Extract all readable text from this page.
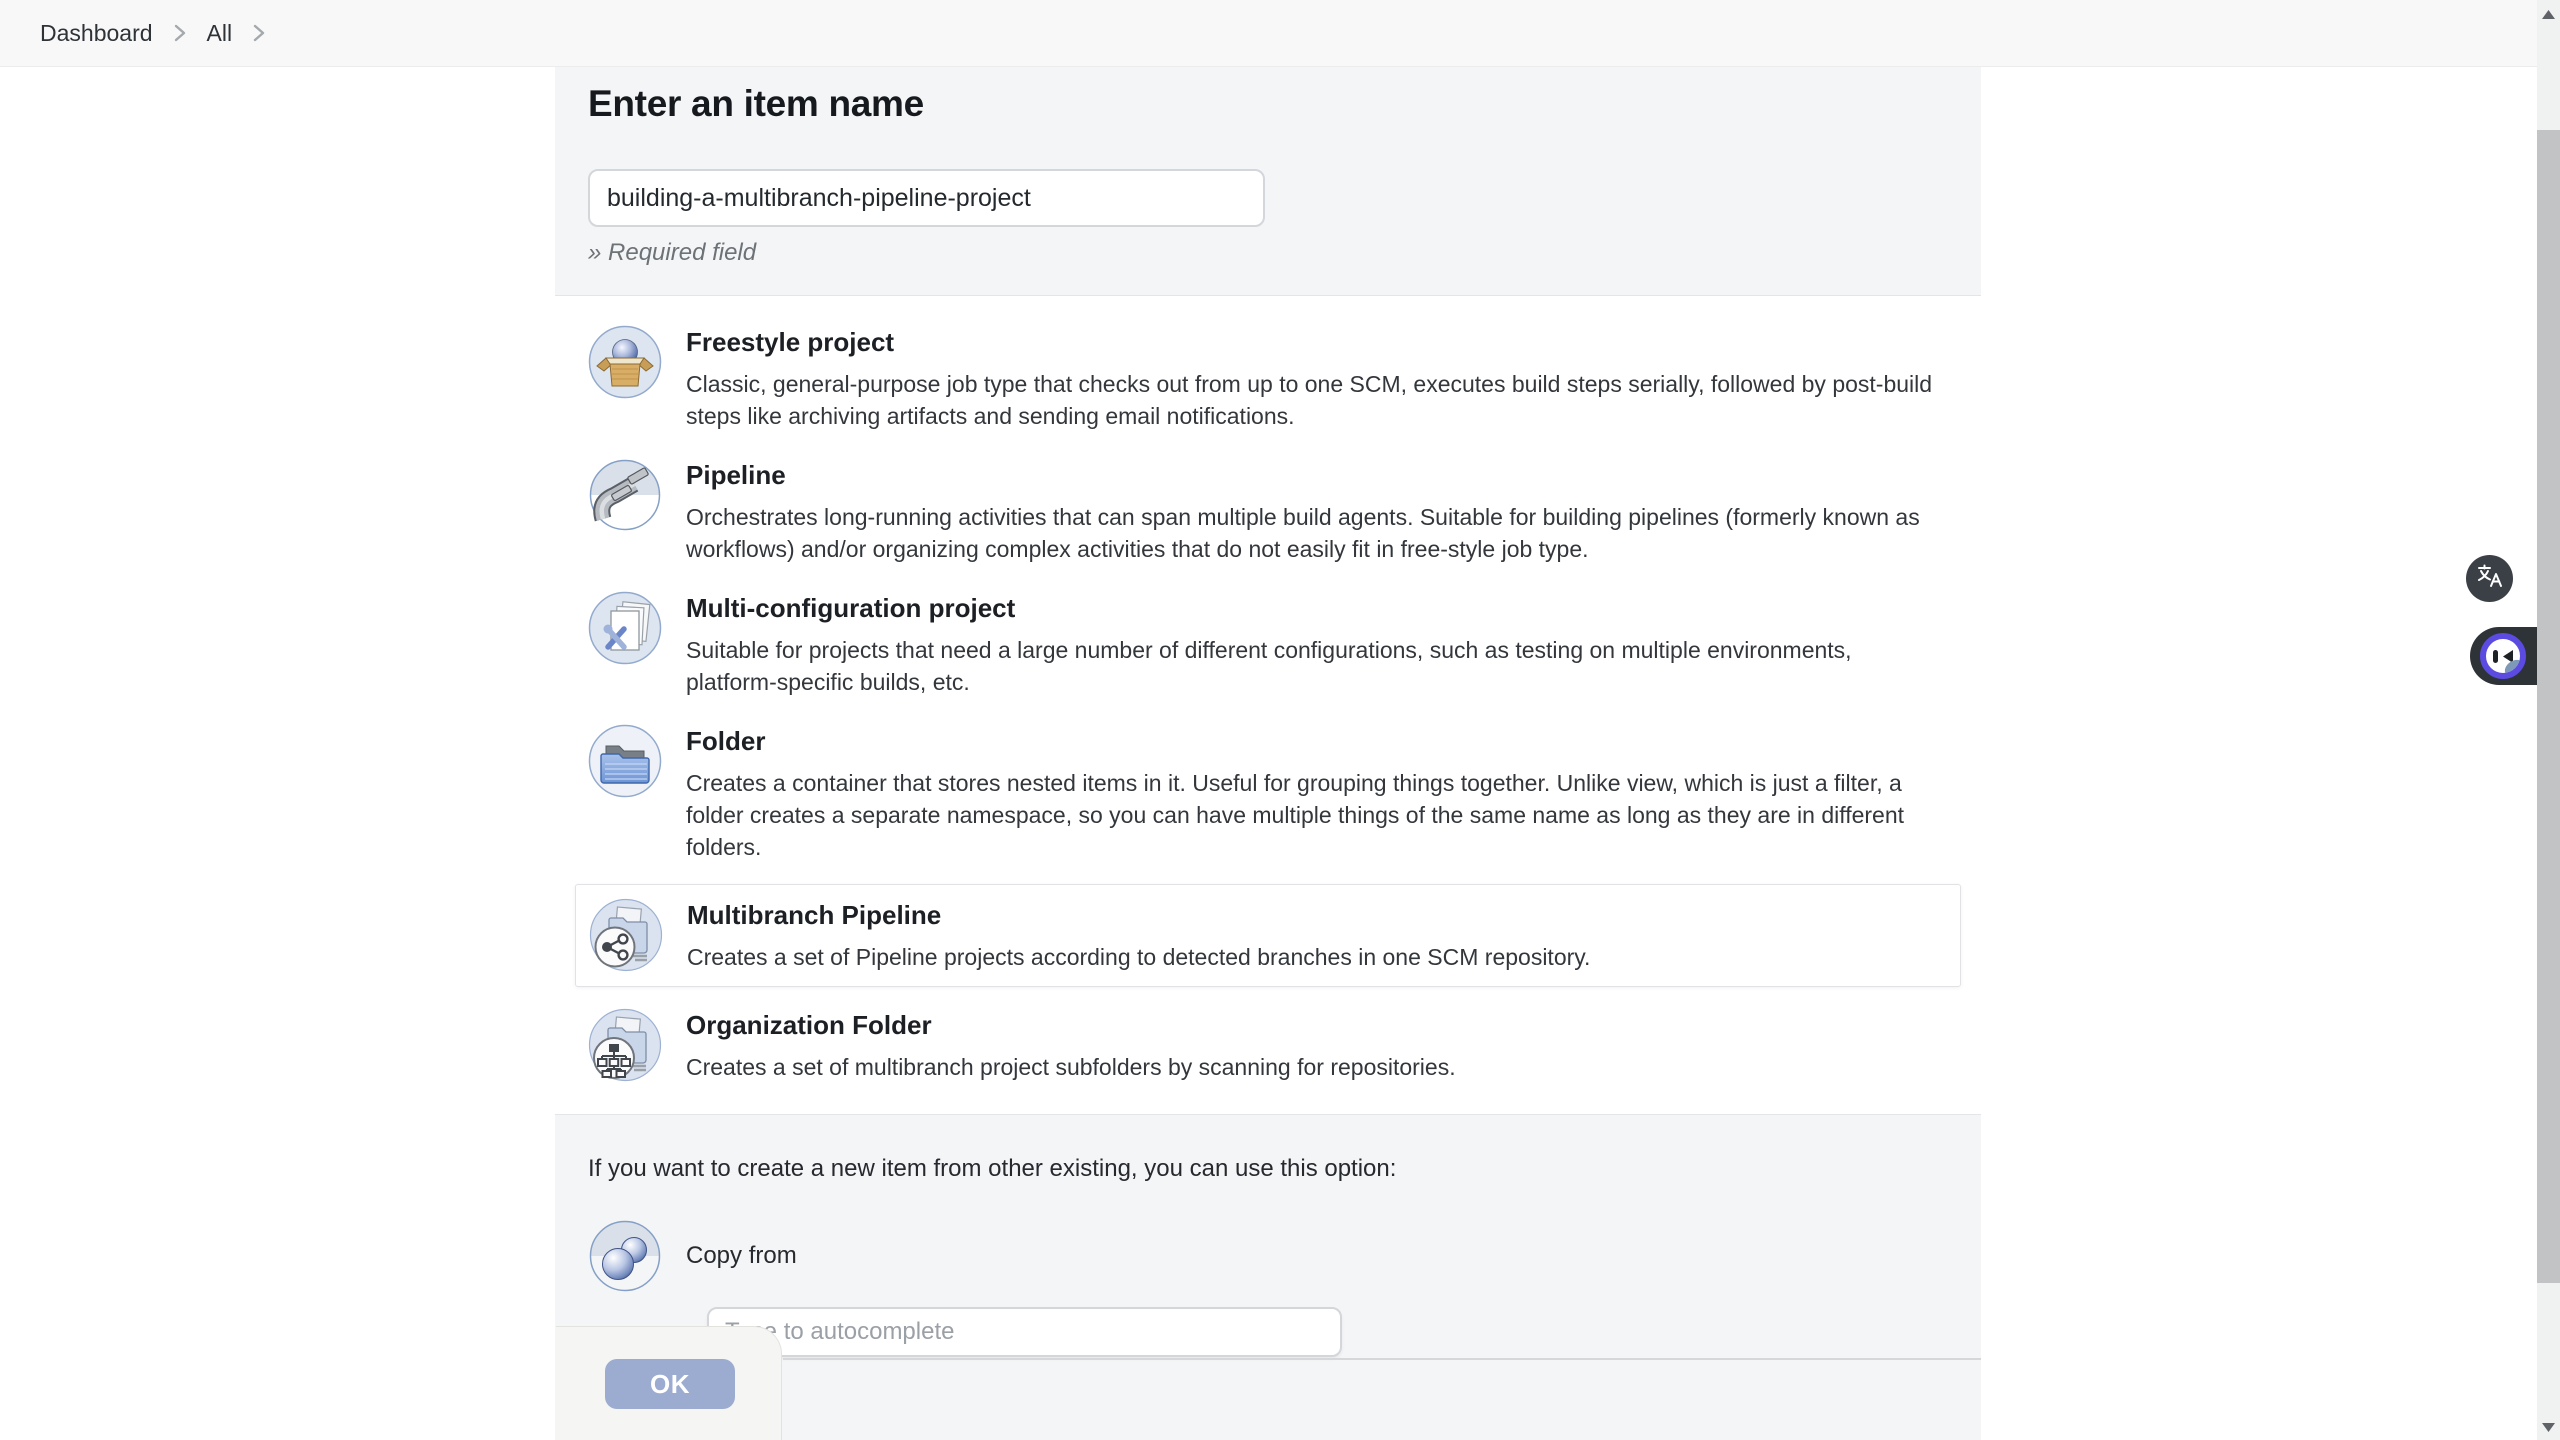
Dashboard	All
Enter an item name
building-a-multibranch-pipeline-project
» Required field
Freestyle project
Classic, general-purpose job type that checks out from up to one SCM, executes build steps serially, followed by post-build steps like archiving artifacts and sending email notifications.
Pipeline
Orchestrates long-running activities that can span multiple build agents. Suitable for building pipelines (formerly known as workflows) and/or organizing complex activities that do not easily fit in free-style job type.
Multi-configuration project
Suitable for projects that need a large number of different configurations, such as testing on multiple environments, platform-specific builds, etc.
Folder
Creates a container that stores nested items in it. Useful for grouping things together. Unlike view, which is just a filter, a folder creates a separate namespace, so you can have multiple things of the same name as long as they are in different folders.
Multibranch Pipeline
Creates a set of Pipeline projects according to detected branches in one SCM repository.
Organization Folder
Creates a set of multibranch project subfolders by scanning for repositories.
If you want to create a new item from other existing, you can use this option:
Copy from
Type to autocomplete
OK
